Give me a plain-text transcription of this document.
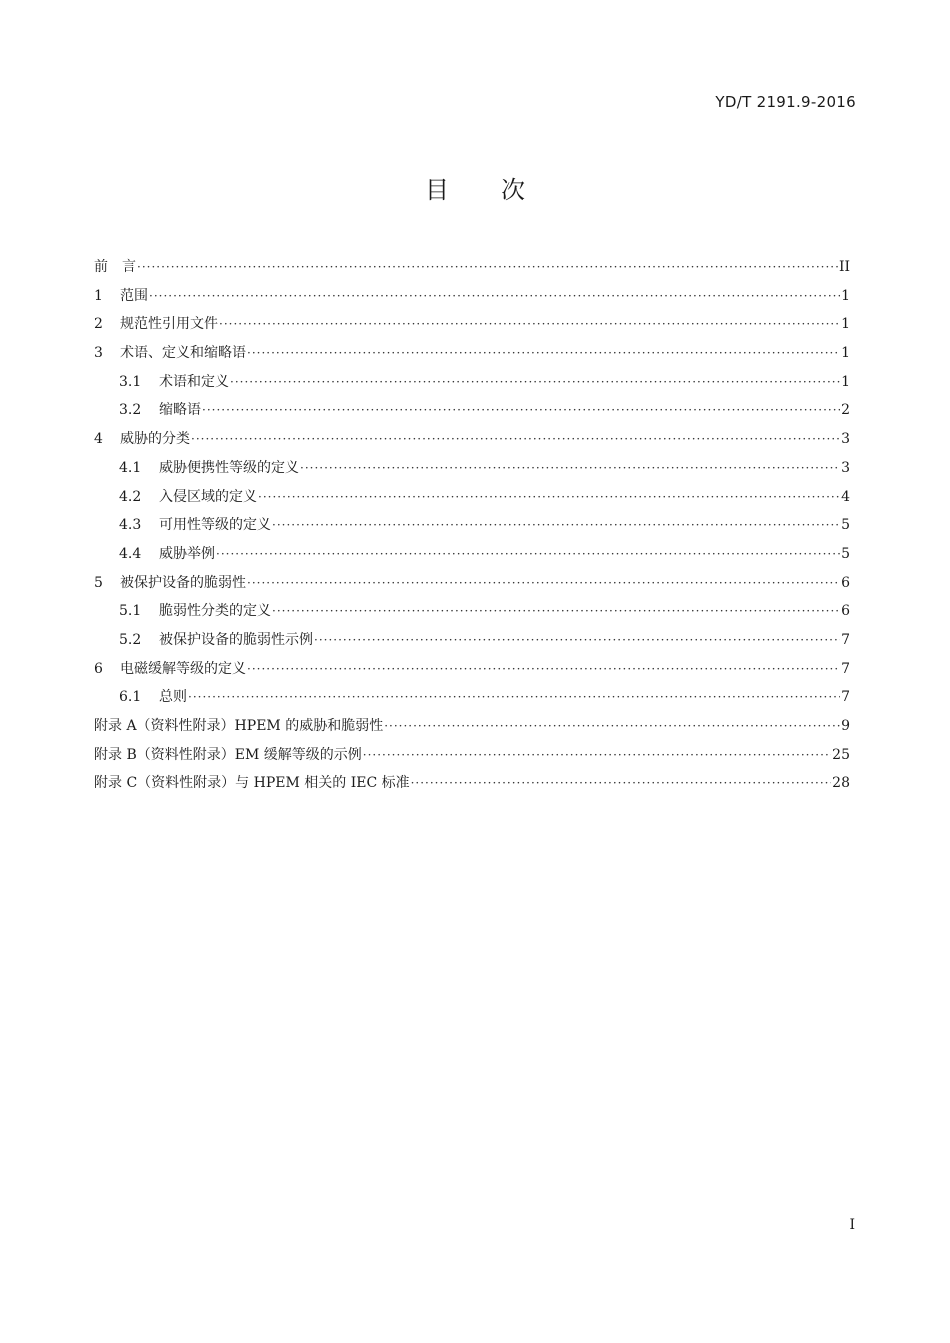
YD/T 2191.9-2016
目 次
前　言 ·····	II
1	范围 ·····	1
2	规范性引用文件 ·····	1
3	术语、定义和缩略语 ·····	1
3.1	术语和定义 ·····	1
3.2	缩略语 ·····	2
4	威胁的分类 ·····	3
4.1	威胁便携性等级的定义 ·····	3
4.2	入侵区域的定义 ·····	4
4.3	可用性等级的定义 ·····	5
4.4	威胁举例 ·····	5
5	被保护设备的脆弱性 ·····	6
5.1	脆弱性分类的定义 ·····	6
5.2	被保护设备的脆弱性示例 ·····	7
6	电磁缓解等级的定义 ·····	7
6.1	总则 ·····	7
附录 A（资料性附录）HPEM 的威胁和脆弱性 ·····	9
附录 B（资料性附录）EM 缓解等级的示例 ·····	25
附录 C（资料性附录）与 HPEM 相关的 IEC 标准 ·····	28
I
